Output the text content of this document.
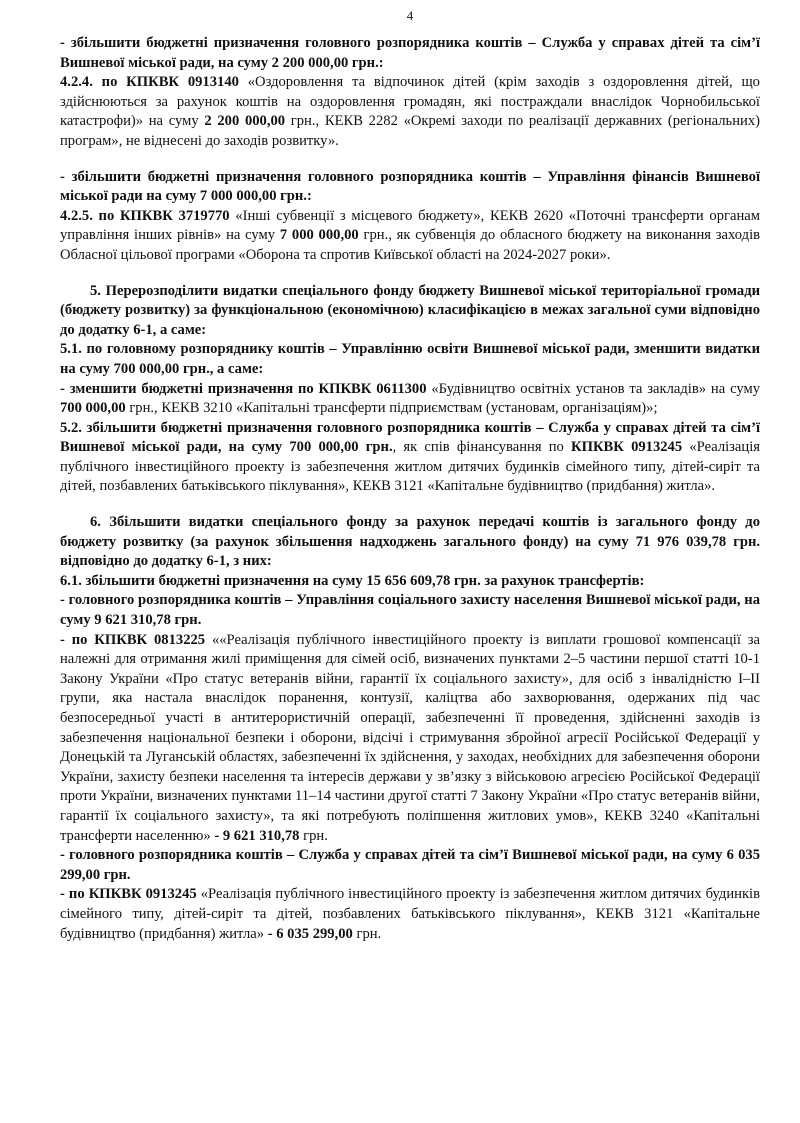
4

- збільшити бюджетні призначення головного розпорядника коштів – Служба у справах дітей та сім’ї Вишневої міської ради, на суму 2 200 000,00 грн.:

4.2.4. по КПКВК 0913140 «Оздоровлення та відпочинок дітей (крім заходів з оздоровлення дітей, що здійснюються за рахунок коштів на оздоровлення громадян, які постраждали внаслідок Чорнобильської катастрофи)» на суму 2 200 000,00 грн., КЕКВ 2282 «Окремі заходи по реалізації державних (регіональних) програм», не віднесені до заходів розвитку».

- збільшити бюджетні призначення головного розпорядника коштів – Управління фінансів Вишневої міської ради на суму 7 000 000,00 грн.:

4.2.5. по КПКВК 3719770 «Інші субвенції з місцевого бюджету», КЕКВ 2620 «Поточні трансферти органам управління інших рівнів» на суму 7 000 000,00 грн., як субвенція до обласного бюджету на виконання заходів Обласної цільової програми «Оборона та спротив Київської області на 2024-2027 роки».

5. Перерозподілити видатки спеціального фонду бюджету Вишневої міської територіальної громади (бюджету розвитку) за функціональною (економічною) класифікацією в межах загальної суми відповідно до додатку 6-1, а саме:

5.1. по головному розпоряднику коштів – Управлінню освіти Вишневої міської ради, зменшити видатки на суму 700 000,00 грн., а саме:

- зменшити бюджетні призначення по КПКВК 0611300 «Будівництво освітніх установ та закладів» на суму 700 000,00 грн., КЕКВ 3210 «Капітальні трансферти підприємствам (установам, організаціям)»;

5.2. збільшити бюджетні призначення головного розпорядника коштів – Служба у справах дітей та сім’ї Вишневої міської ради, на суму 700 000,00 грн., як спів фінансування по КПКВК 0913245 «Реалізація публічного інвестиційного проекту із забезпечення житлом дитячих будинків сімейного типу, дітей-сиріт та дітей, позбавлених батьківського піклування», КЕКВ 3121 «Капітальне будівництво (придбання) житла».

6. Збільшити видатки спеціального фонду за рахунок передачі коштів із загального фонду до бюджету розвитку (за рахунок збільшення надходжень загального фонду) на суму 71 976 039,78 грн. відповідно до додатку 6-1, з них:

6.1. збільшити бюджетні призначення на суму 15 656 609,78 грн. за рахунок трансфертів:

- головного розпорядника коштів – Управління соціального захисту населення Вишневої міської ради, на суму 9 621 310,78 грн.

- по КПКВК 0813225 ««Реалізація публічного інвестиційного проекту із виплати грошової компенсації за належні для отримання жилі приміщення для сімей осіб, визначених пунктами 2–5 частини першої статті 10-1 Закону України «Про статус ветеранів війни, гарантії їх соціального захисту», для осіб з інвалідністю I–II групи, яка настала внаслідок поранення, контузії, каліцтва або захворювання, одержаних під час безпосередньої участі в антитерористичній операції, забезпеченні її проведення, здійсненні заходів із забезпечення національної безпеки і оборони, відсічі і стримування збройної агресії Російської Федерації у Донецькій та Луганській областях, забезпеченні їх здійснення, у заходах, необхідних для забезпечення оборони України, захисту безпеки населення та інтересів держави у зв’язку з військовою агресією Російської Федерації проти України, визначених пунктами 11–14 частини другої статті 7 Закону України «Про статус ветеранів війни, гарантії їх соціального захисту», та які потребують поліпшення житлових умов», КЕКВ 3240 «Капітальні трансферти населенню» - 9 621 310,78 грн.

- головного розпорядника коштів – Служба у справах дітей та сім’ї Вишневої міської ради, на суму 6 035 299,00 грн.

- по КПКВК 0913245 «Реалізація публічного інвестиційного проекту із забезпечення житлом дитячих будинків сімейного типу, дітей-сиріт та дітей, позбавлених батьківського піклування», КЕКВ 3121 «Капітальне будівництво (придбання) житла» - 6 035 299,00 грн.
